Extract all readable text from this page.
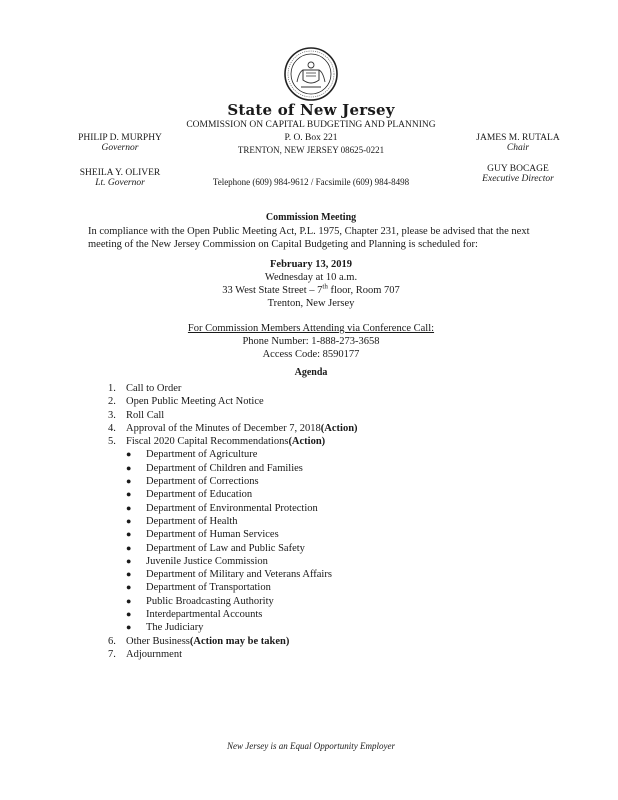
State of New Jersey
COMMISSION ON CAPITAL BUDGETING AND PLANNING
P. O. Box 221
TRENTON, NEW JERSEY 08625-0221
Telephone (609) 984-9612 / Facsimile (609) 984-8498
PHILIP D. MURPHY
Governor
SHEILA Y. OLIVER
Lt. Governor
JAMES M. RUTALA
Chair
GUY BOCAGE
Executive Director
Commission Meeting
In compliance with the Open Public Meeting Act, P.L. 1975, Chapter 231, please be advised that the next
meeting of the New Jersey Commission on Capital Budgeting and Planning is scheduled for:
February 13, 2019
Wednesday at 10 a.m.
33 West State Street – 7th floor, Room 707
Trenton, New Jersey
For Commission Members Attending via Conference Call:
Phone Number: 1-888-273-3658
Access Code: 8590177
Agenda
1. Call to Order
2. Open Public Meeting Act Notice
3. Roll Call
4. Approval of the Minutes of December 7, 2018 (Action)
5. Fiscal 2020 Capital Recommendations (Action)
●	Department of Agriculture
●	Department of Children and Families
●	Department of Corrections
●	Department of Education
●	Department of Environmental Protection
●	Department of Health
●	Department of Human Services
●	Department of Law and Public Safety
●	Juvenile Justice Commission
●	Department of Military and Veterans Affairs
●	Department of Transportation
●	Public Broadcasting Authority
●	Interdepartmental Accounts
●	The Judiciary
6. Other Business (Action may be taken)
7. Adjournment
New Jersey is an Equal Opportunity Employer
